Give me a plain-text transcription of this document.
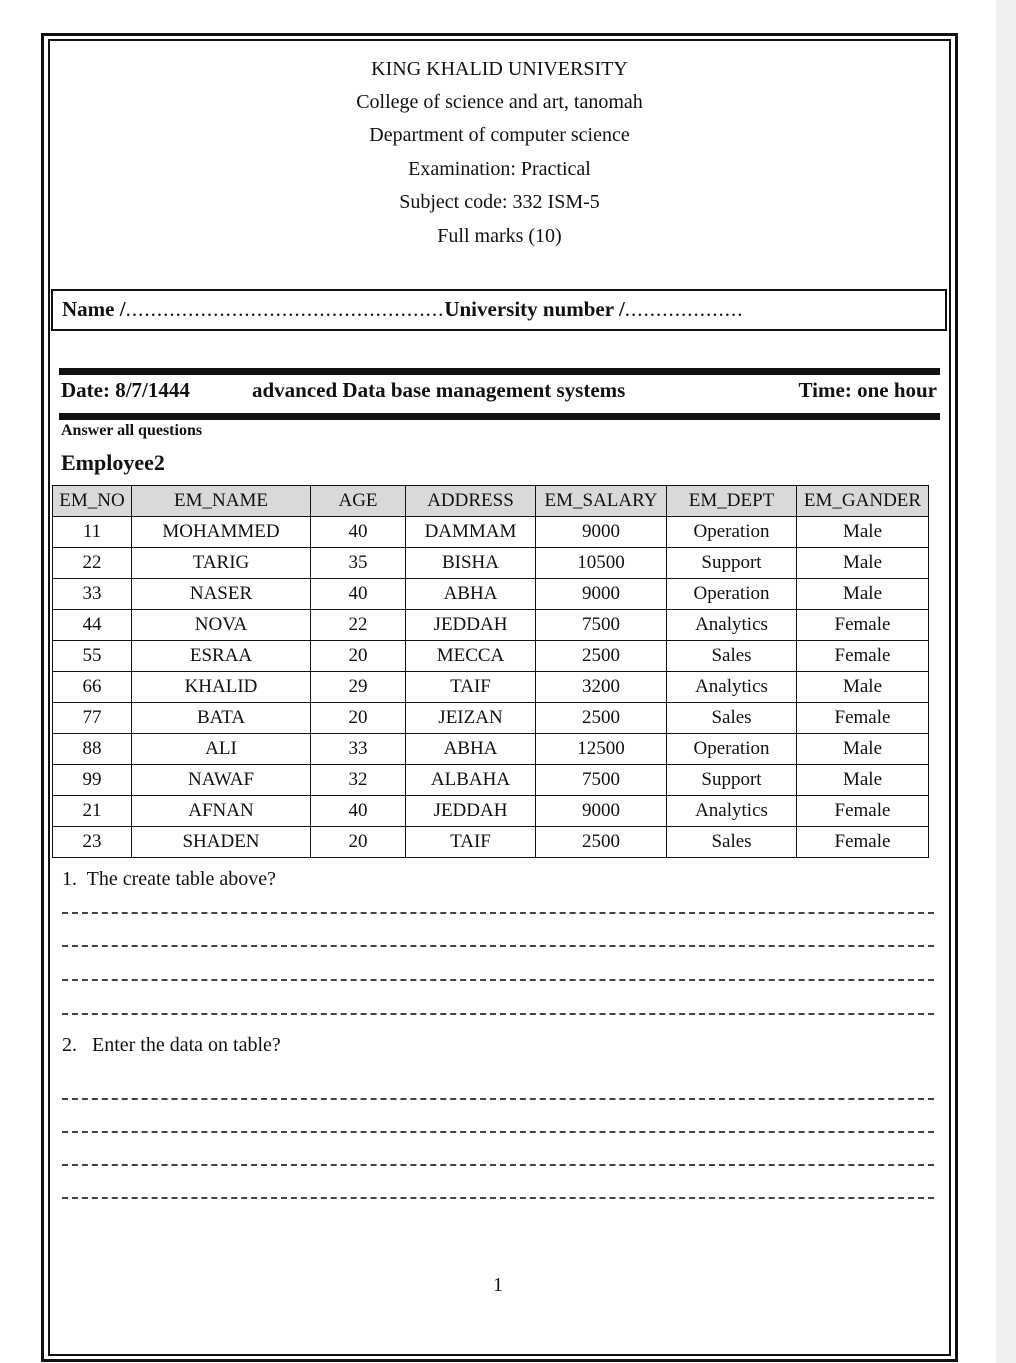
KING KHALID UNIVERSITY
College of science and art, tanomah
Department of computer science
Examination: Practical
Subject code: 332 ISM-5
Full marks (10)
Name /...................................................University number /...................
Date: 8/7/1444	advanced Data base management systems	Time: one hour
Answer all questions
Employee2
EM_NO	EM_NAME	AGE	ADDRESS	EM_SALARY	EM_DEPT	EM_GANDER
11	MOHAMMED	40	DAMMAM	9000	Operation	Male
22	TARIG	35	BISHA	10500	Support	Male
33	NASER	40	ABHA	9000	Operation	Male
44	NOVA	22	JEDDAH	7500	Analytics	Female
55	ESRAA	20	MECCA	2500	Sales	Female
66	KHALID	29	TAIF	3200	Analytics	Male
77	BATA	20	JEIZAN	2500	Sales	Female
88	ALI	33	ABHA	12500	Operation	Male
99	NAWAF	32	ALBAHA	7500	Support	Male
21	AFNAN	40	JEDDAH	9000	Analytics	Female
23	SHADEN	20	TAIF	2500	Sales	Female
1. The create table above?
2. Enter the data on table?
1
